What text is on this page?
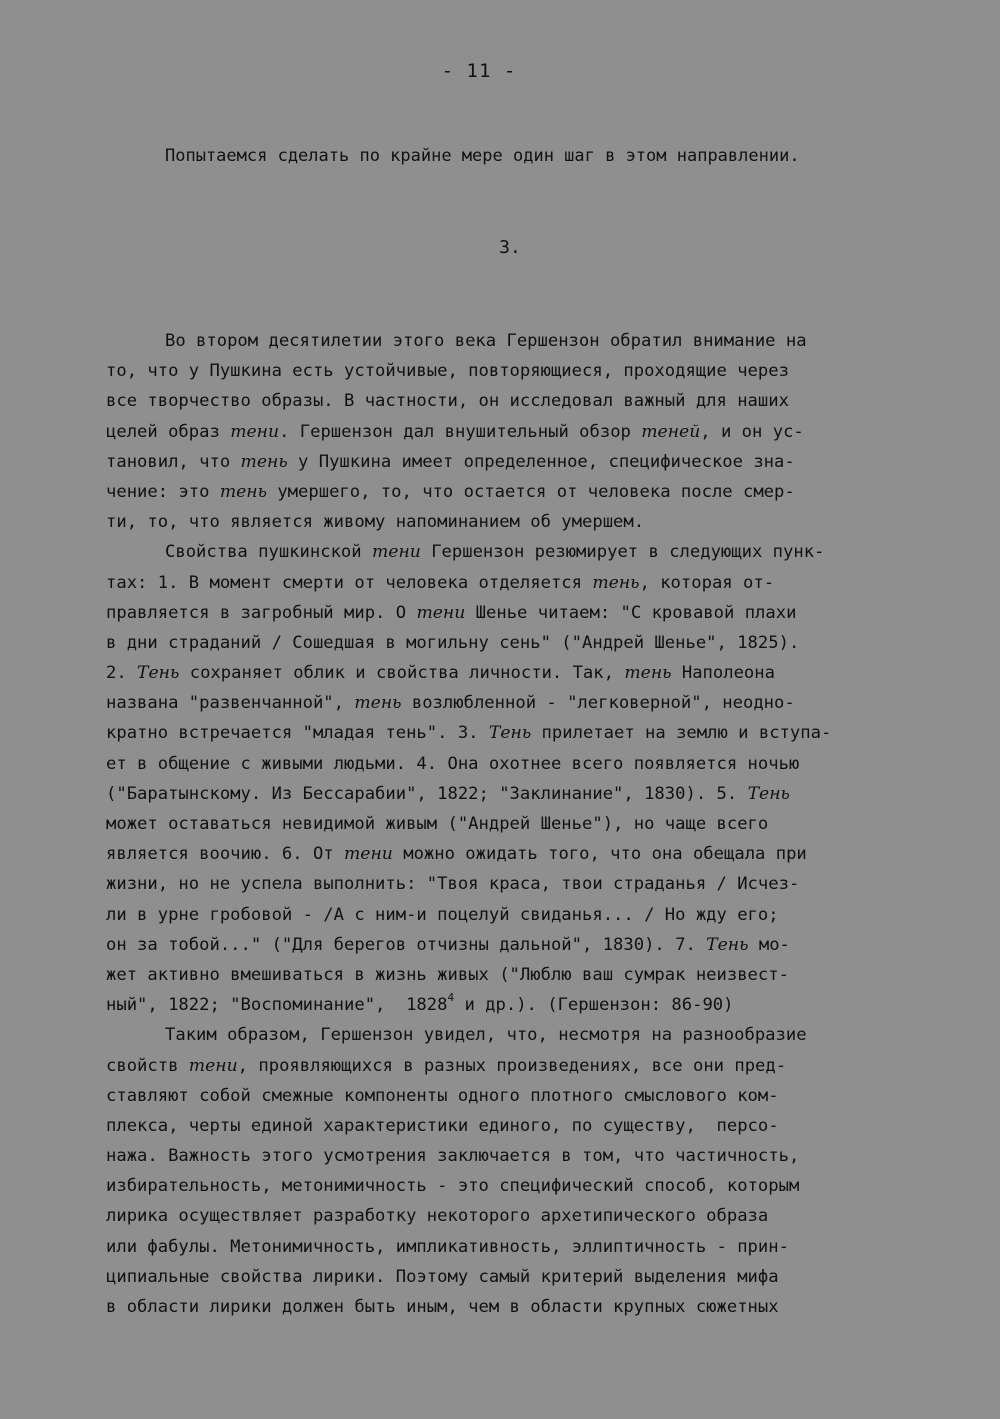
- 11 -
Попытаемся сделать по крайне мере один шаг в этом направлении.
3.
Во втором десятилетии этого века Гершензон обратил внимание на
то, что у Пушкина есть устойчивые, повторяющиеся, проходящие через
все творчество образы. В частности, он исследовал важный для наших
целей образ тени. Гершензон дал внушительный обзор теней, и он ус-
тановил, что тень у Пушкина имеет определенное, специфическое зна-
чение: это тень умершего, то, что остается от человека после смер-
ти, то, что является живому напоминанием об умершем.
Свойства пушкинской тени Гершензон резюмирует в следующих пунк-
тах: 1. В момент смерти от человека отделяется тень, которая от-
правляется в загробный мир. О тени Шенье читаем: "С кровавой плахи
в дни страданий / Сошедшая в могильну сень" ("Андрей Шенье", 1825).
2. Тень сохраняет облик и свойства личности. Так, тень Наполеона
названа "развенчанной", тень возлюбленной - "легковерной", неодно-
кратно встречается "младая тень". 3. Тень прилетает на землю и вступа-
ет в общение с живыми людьми. 4. Она охотнее всего появляется ночью
("Баратынскому. Из Бессарабии", 1822; "Заклинание", 1830). 5. Тень
может оставаться невидимой живым ("Андрей Шенье"), но чаще всего
является воочию. 6. От тени можно ожидать того, что она обещала при
жизни, но не успела выполнить: "Твоя краса, твои страданья / Исчез-
ли в урне гробовой - /А с ним-и поцелуй свиданья... / Но жду его;
он за тобой..." ("Для берегов отчизны дальной", 1830). 7. Тень мо-
жет активно вмешиваться в жизнь живых ("Люблю ваш сумрак неизвест-
ный", 1822; "Воспоминание",  1828$^4$ и др.). (Гершензон: 86-90)
Таким образом, Гершензон увидел, что, несмотря на разнообразие
свойств тени, проявляющихся в разных произведениях, все они пред-
ставляют собой смежные компоненты одного плотного смыслового ком-
плекса, черты единой характеристики единого, по существу,  персо-
нажа. Важность этого усмотрения заключается в том, что частичность,
избирательность, метонимичность - это специфический способ, которым
лирика осуществляет разработку некоторого архетипического образа
или фабулы. Метонимичность, импликативность, эллиптичность - прин-
ципиальные свойства лирики. Поэтому самый критерий выделения мифа
в области лирики должен быть иным, чем в области крупных сюжетных
